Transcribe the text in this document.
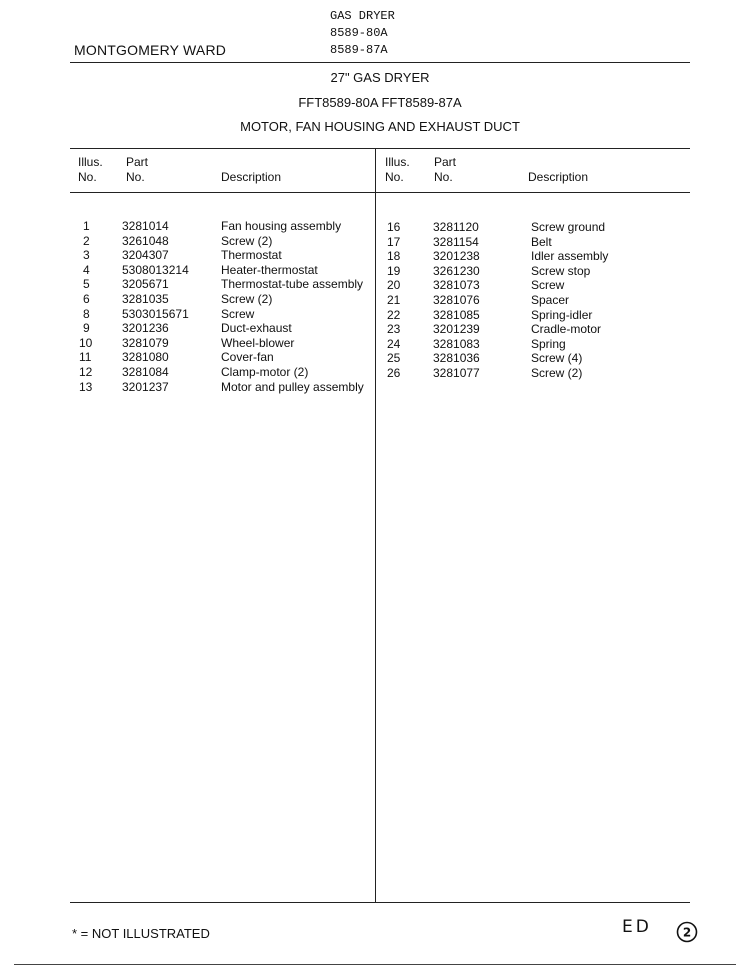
GAS DRYER
8589-80A
8589-87A
MONTGOMERY WARD
27" GAS DRYER
FFT8589-80A FFT8589-87A
MOTOR, FAN HOUSING AND EXHAUST DUCT
Illus.
No.
Part
No.	Description
Illus.
No.
Part
No.	Description
1	3281014	Fan housing assembly
2	3261048	Screw (2)
3	3204307	Thermostat
4	5308013214	Heater-thermostat
5	3205671	Thermostat-tube assembly
6	3281035	Screw (2)
8	5303015671	Screw
9	3201236	Duct-exhaust
10 3281079	Wheel-blower
11	3281080	Cover-fan
12 3281084	Clamp-motor (2)
13 3201237	Motor and pulley assembly
16	3281120	Screw ground
17	3281154	Belt
18	3201238	Idler assembly
19	3261230	Screw stop
20	3281073	Screw
21	3281076	Spacer
22	3281085	Spring-idler
23	3201239	Cradle-motor
24	3281083	Spring
25	3281036	Screw (4)
26	3281077	Screw (2)
* = NOT ILLUSTRATED	ED	2
